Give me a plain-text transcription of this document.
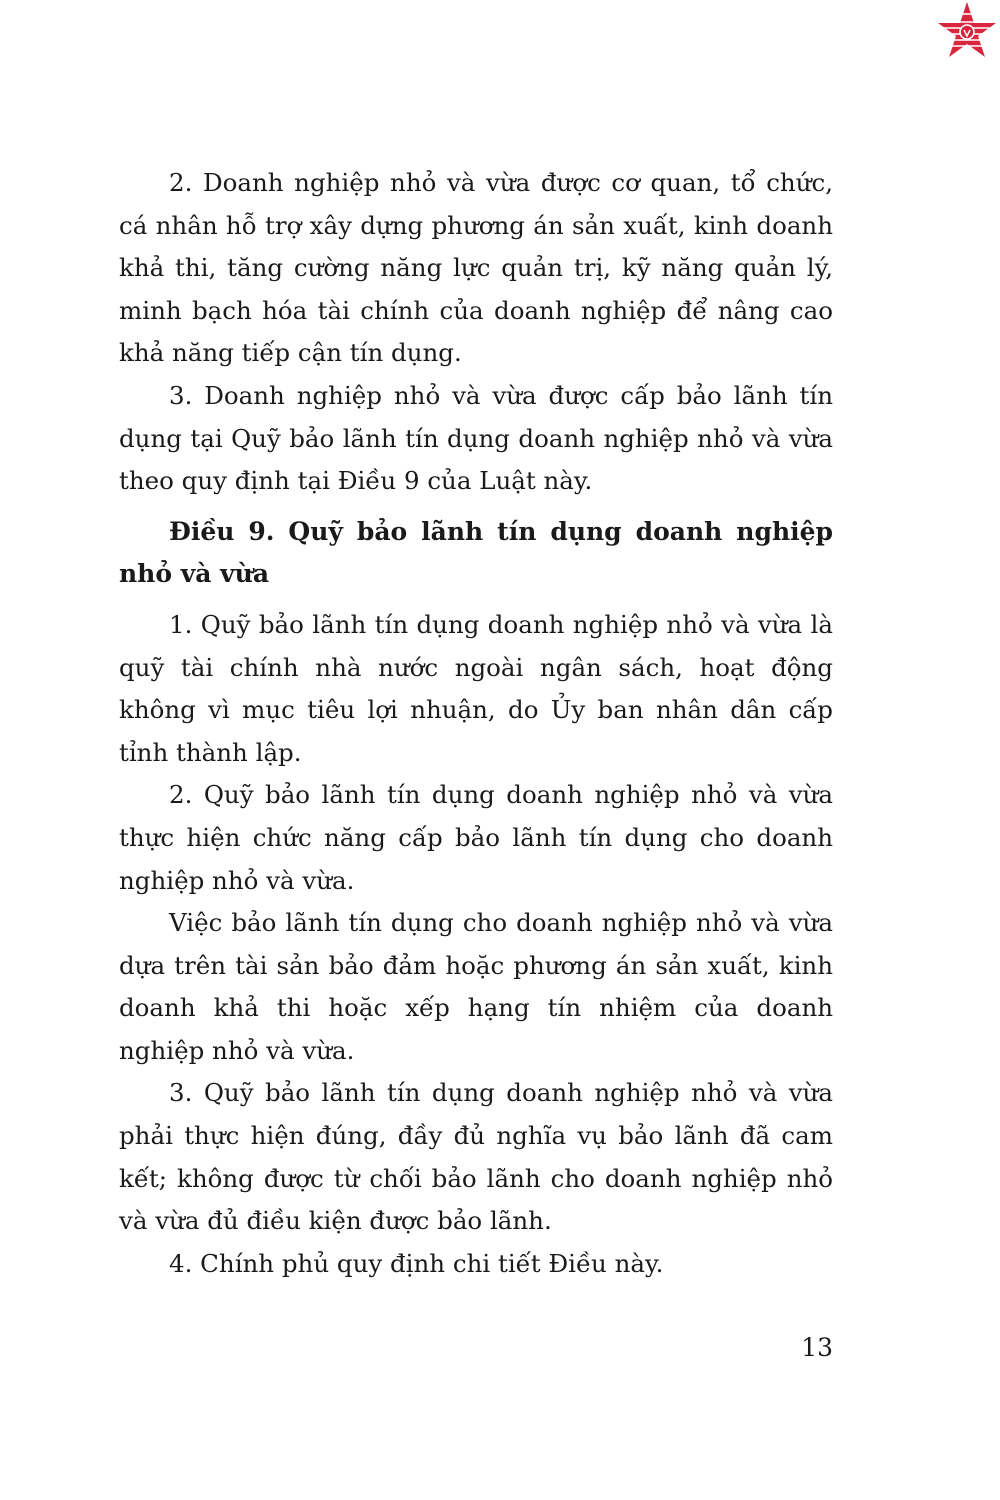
2. Doanh nghiệp nhỏ và vừa được cơ quan, tổ chức, cá nhân hỗ trợ xây dựng phương án sản xuất, kinh doanh khả thi, tăng cường năng lực quản trị, kỹ năng quản lý, minh bạch hóa tài chính của doanh nghiệp để nâng cao khả năng tiếp cận tín dụng.

3. Doanh nghiệp nhỏ và vừa được cấp bảo lãnh tín dụng tại Quỹ bảo lãnh tín dụng doanh nghiệp nhỏ và vừa theo quy định tại Điều 9 của Luật này.

Điều 9. Quỹ bảo lãnh tín dụng doanh nghiệp nhỏ và vừa

1. Quỹ bảo lãnh tín dụng doanh nghiệp nhỏ và vừa là quỹ tài chính nhà nước ngoài ngân sách, hoạt động không vì mục tiêu lợi nhuận, do Ủy ban nhân dân cấp tỉnh thành lập.

2. Quỹ bảo lãnh tín dụng doanh nghiệp nhỏ và vừa thực hiện chức năng cấp bảo lãnh tín dụng cho doanh nghiệp nhỏ và vừa.

Việc bảo lãnh tín dụng cho doanh nghiệp nhỏ và vừa dựa trên tài sản bảo đảm hoặc phương án sản xuất, kinh doanh khả thi hoặc xếp hạng tín nhiệm của doanh nghiệp nhỏ và vừa.

3. Quỹ bảo lãnh tín dụng doanh nghiệp nhỏ và vừa phải thực hiện đúng, đầy đủ nghĩa vụ bảo lãnh đã cam kết; không được từ chối bảo lãnh cho doanh nghiệp nhỏ và vừa đủ điều kiện được bảo lãnh.

4. Chính phủ quy định chi tiết Điều này.

13
